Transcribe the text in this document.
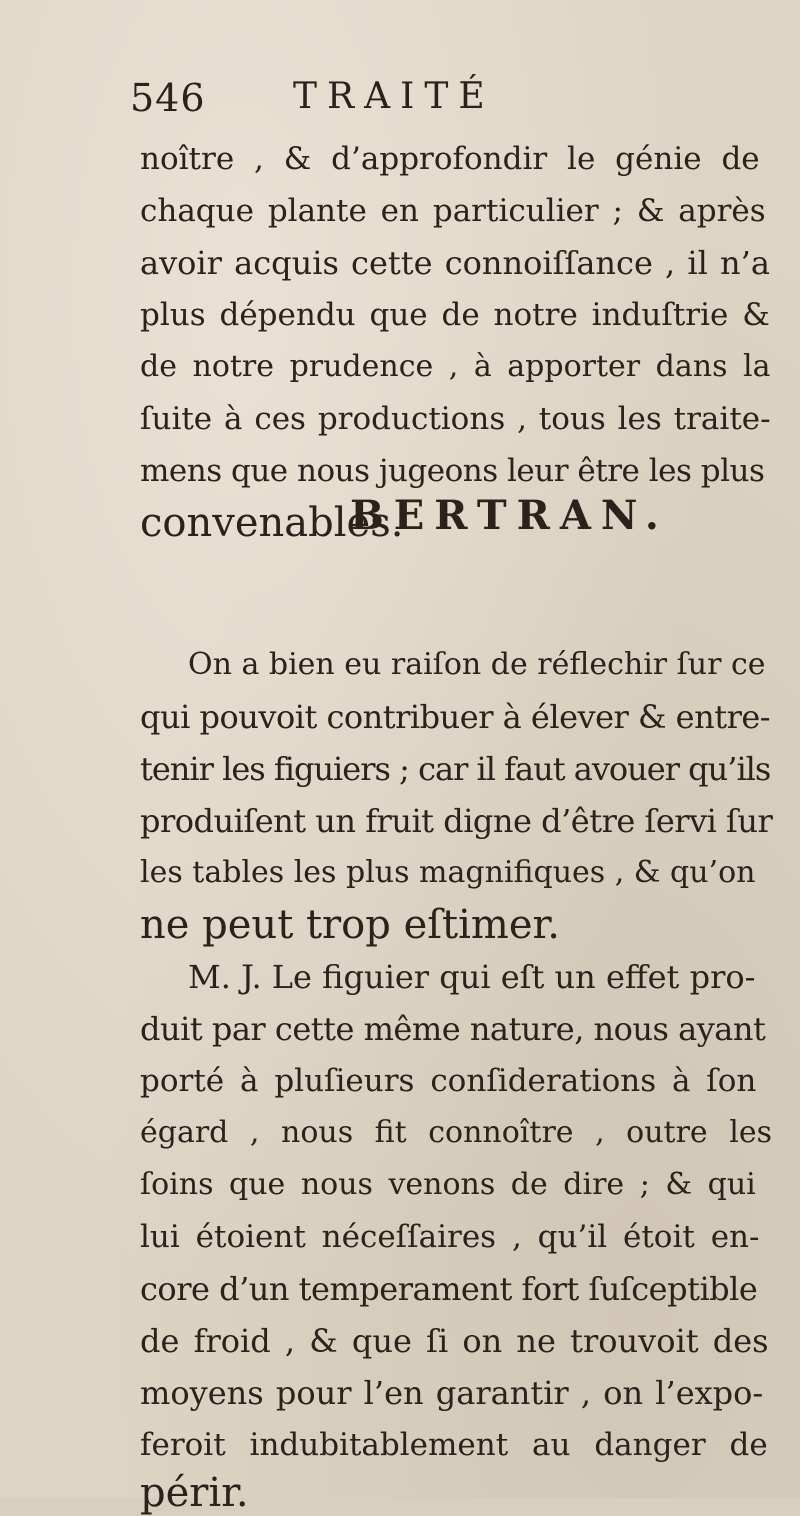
546 TRAITÉ
noître , & d’approfondir le génie de
chaque plante en particulier ; & après
avoir acquis cette connoiſſance , il n’a
plus dépendu que de notre induſtrie &
de notre prudence , à apporter dans la
ſuite à ces productions , tous les traite-
mens que nous jugeons leur être les plus
convenables.
BERTRAN.
On a bien eu raiſon de réflechir ſur ce
qui pouvoit contribuer à élever & entre-
tenir les figuiers ; car il faut avouer qu’ils
produiſent un fruit digne d’être ſervi ſur
les tables les plus magnifiques , & qu’on
ne peut trop eſtimer.
M. J. Le figuier qui eſt un effet pro-
duit par cette même nature, nous ayant
porté à pluſieurs conſiderations à ſon
égard , nous fit connoître , outre les
ſoins que nous venons de dire ; & qui
lui étoient néceſſaires , qu’il étoit en-
core d’un temperament fort ſuſceptible
de froid , & que ſi on ne trouvoit des
moyens pour l’en garantir , on l’expo-
feroit indubitablement au danger de
périr.
